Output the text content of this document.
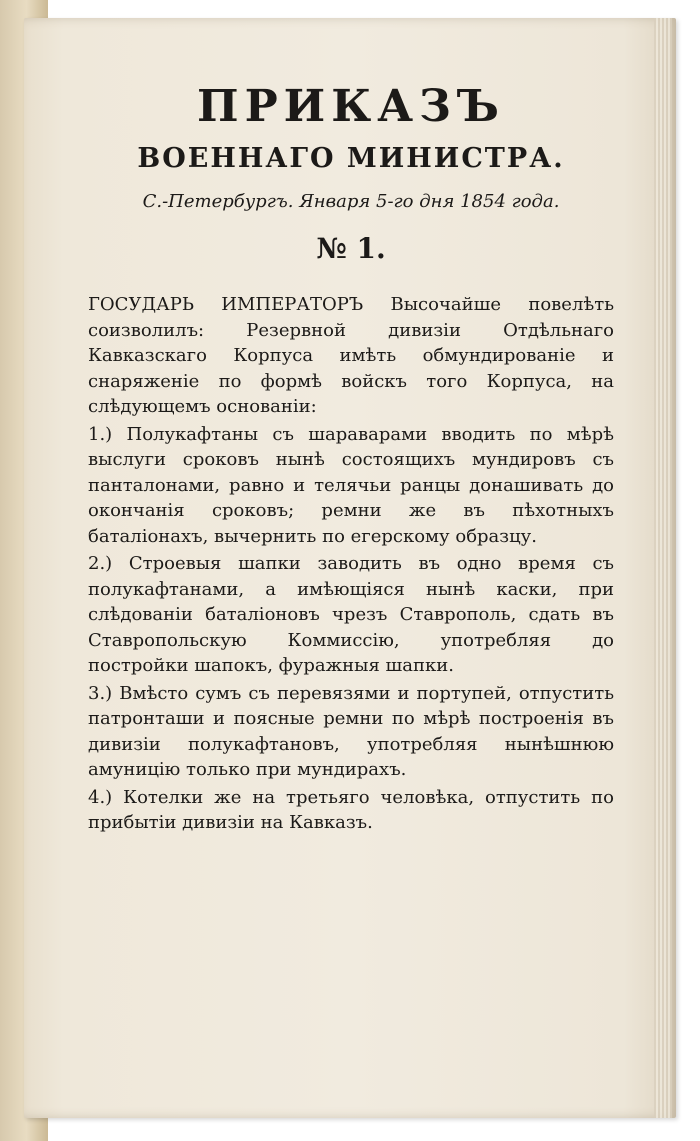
ПРИКАЗЪ
ВОЕННАГО МИНИСТРА.
С.-Петербургъ. Января 5-го дня 1854 года.
№ 1.

ГОСУДАРЬ ИМПЕРАТОРЪ Высочайше повелѣть соизволилъ: Резервной дивизіи Отдѣльнаго Кавказскаго Корпуса имѣть обмундированіе и снаряженіе по формѣ войскъ того Корпуса, на слѣдующемъ основаніи:

1.) Полукафтаны съ шараварами вводить по мѣрѣ выслуги сроковъ нынѣ состоящихъ мундировъ съ панталонами, равно и телячьи ранцы донашивать до окончанія сроковъ; ремни же въ пѣхотныхъ баталіонахъ, вычернить по егерскому образцу.

2.) Строевыя шапки заводить въ одно время съ полукафтанами, а имѣющіяся нынѣ каски, при слѣдованіи баталіоновъ чрезъ Ставрополь, сдать въ Ставропольскую Коммиссію, употребляя до постройки шапокъ, фуражныя шапки.

3.) Вмѣсто сумъ съ перевязями и портупей, отпустить патронташи и поясные ремни по мѣрѣ построенія въ дивизіи полукафтановъ, употребляя нынѣшнюю амуницію только при мундирахъ.

4.) Котелки же на третьяго человѣка, отпустить по прибытіи дивизіи на Кавказъ.
